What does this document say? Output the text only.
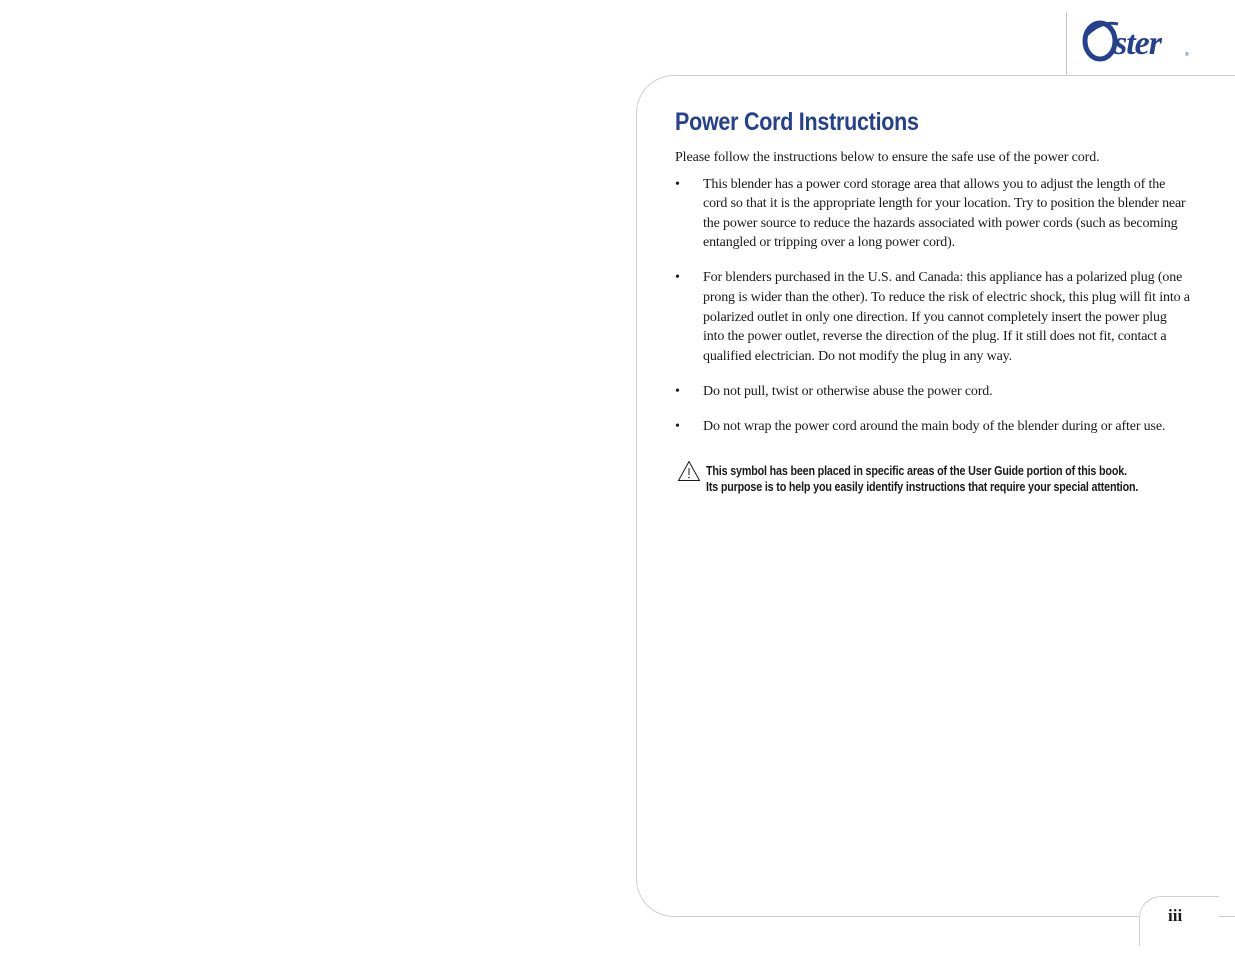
ster	®
Power Cord Instructions

Please follow the instructions below to ensure the safe use of the power cord.

• This blender has a power cord storage area that allows you to adjust the length of the cord so that it is the appropriate length for your location. Try to position the blender near the power source to reduce the hazards associated with power cords (such as becoming entangled or tripping over a long power cord).
• For blenders purchased in the U.S. and Canada: this appliance has a polarized plug (one prong is wider than the other). To reduce the risk of electric shock, this plug will fit into a polarized outlet in only one direction. If you cannot completely insert the power plug into the power outlet, reverse the direction of the plug. If it still does not fit, contact a qualified electrician. Do not modify the plug in any way.
• Do not pull, twist or otherwise abuse the power cord.
• Do not wrap the power cord around the main body of the blender during or after use.
This symbol has been placed in specific areas of the User Guide portion of this book.
Its purpose is to help you easily identify instructions that require your special attention.
iii
